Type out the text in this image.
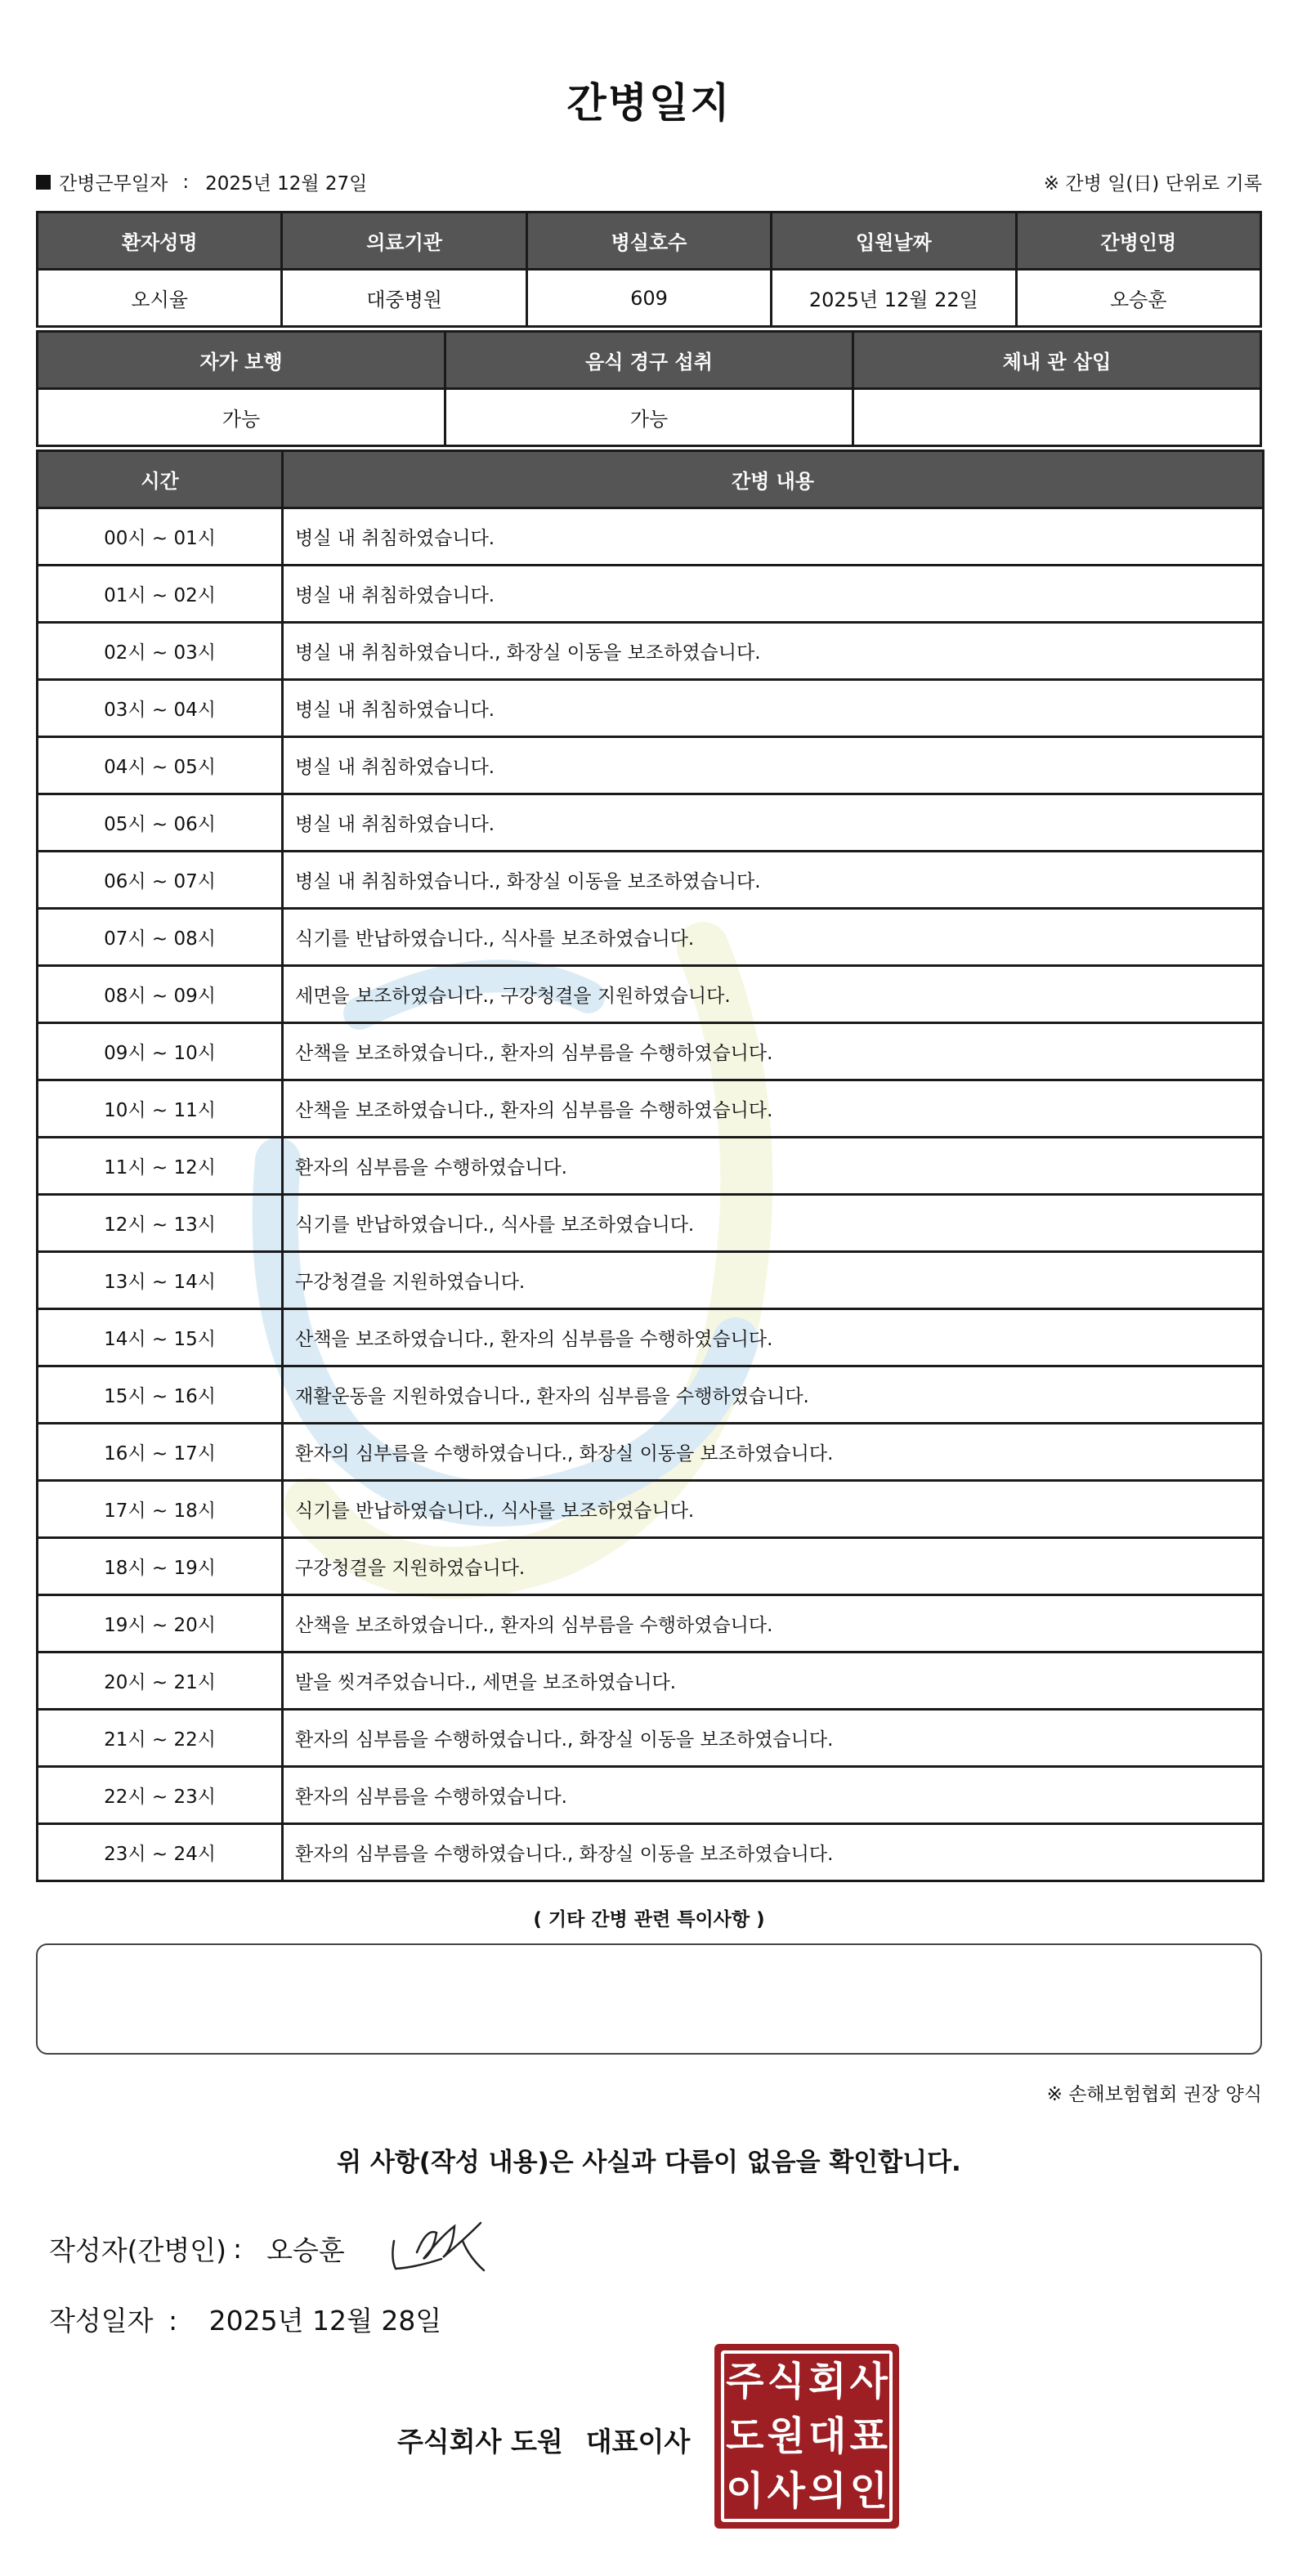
간병일지
간병근무일자 : 2025년 12월 27일	※ 간병 일(日) 단위로 기록
환자성명	의료기관	병실호수	입원날짜	간병인명
오시율	대중병원	609	2025년 12월 22일	오승훈
자가 보행	음식 경구 섭취	체내 관 삽입
가능	가능	
시간	간병 내용
00시 ~ 01시	병실 내 취침하였습니다.
01시 ~ 02시	병실 내 취침하였습니다.
02시 ~ 03시	병실 내 취침하였습니다., 화장실 이동을 보조하였습니다.
03시 ~ 04시	병실 내 취침하였습니다.
04시 ~ 05시	병실 내 취침하였습니다.
05시 ~ 06시	병실 내 취침하였습니다.
06시 ~ 07시	병실 내 취침하였습니다., 화장실 이동을 보조하였습니다.
07시 ~ 08시	식기를 반납하였습니다., 식사를 보조하였습니다.
08시 ~ 09시	세면을 보조하였습니다., 구강청결을 지원하였습니다.
09시 ~ 10시	산책을 보조하였습니다., 환자의 심부름을 수행하였습니다.
10시 ~ 11시	산책을 보조하였습니다., 환자의 심부름을 수행하였습니다.
11시 ~ 12시	환자의 심부름을 수행하였습니다.
12시 ~ 13시	식기를 반납하였습니다., 식사를 보조하였습니다.
13시 ~ 14시	구강청결을 지원하였습니다.
14시 ~ 15시	산책을 보조하였습니다., 환자의 심부름을 수행하였습니다.
15시 ~ 16시	재활운동을 지원하였습니다., 환자의 심부름을 수행하였습니다.
16시 ~ 17시	환자의 심부름을 수행하였습니다., 화장실 이동을 보조하였습니다.
17시 ~ 18시	식기를 반납하였습니다., 식사를 보조하였습니다.
18시 ~ 19시	구강청결을 지원하였습니다.
19시 ~ 20시	산책을 보조하였습니다., 환자의 심부름을 수행하였습니다.
20시 ~ 21시	발을 씻겨주었습니다., 세면을 보조하였습니다.
21시 ~ 22시	환자의 심부름을 수행하였습니다., 화장실 이동을 보조하였습니다.
22시 ~ 23시	환자의 심부름을 수행하였습니다.
23시 ~ 24시	환자의 심부름을 수행하였습니다., 화장실 이동을 보조하였습니다.
( 기타 간병 관련 특이사항 )
※ 손해보험협회 권장 양식
위 사항(작성 내용)은 사실과 다름이 없음을 확인합니다.
작성자(간병인) : 오승훈
작성일자 : 2025년 12월 28일
주식회사 도원 대표이사
주 식 회 사
도 원 대 표
이 사 의 인
